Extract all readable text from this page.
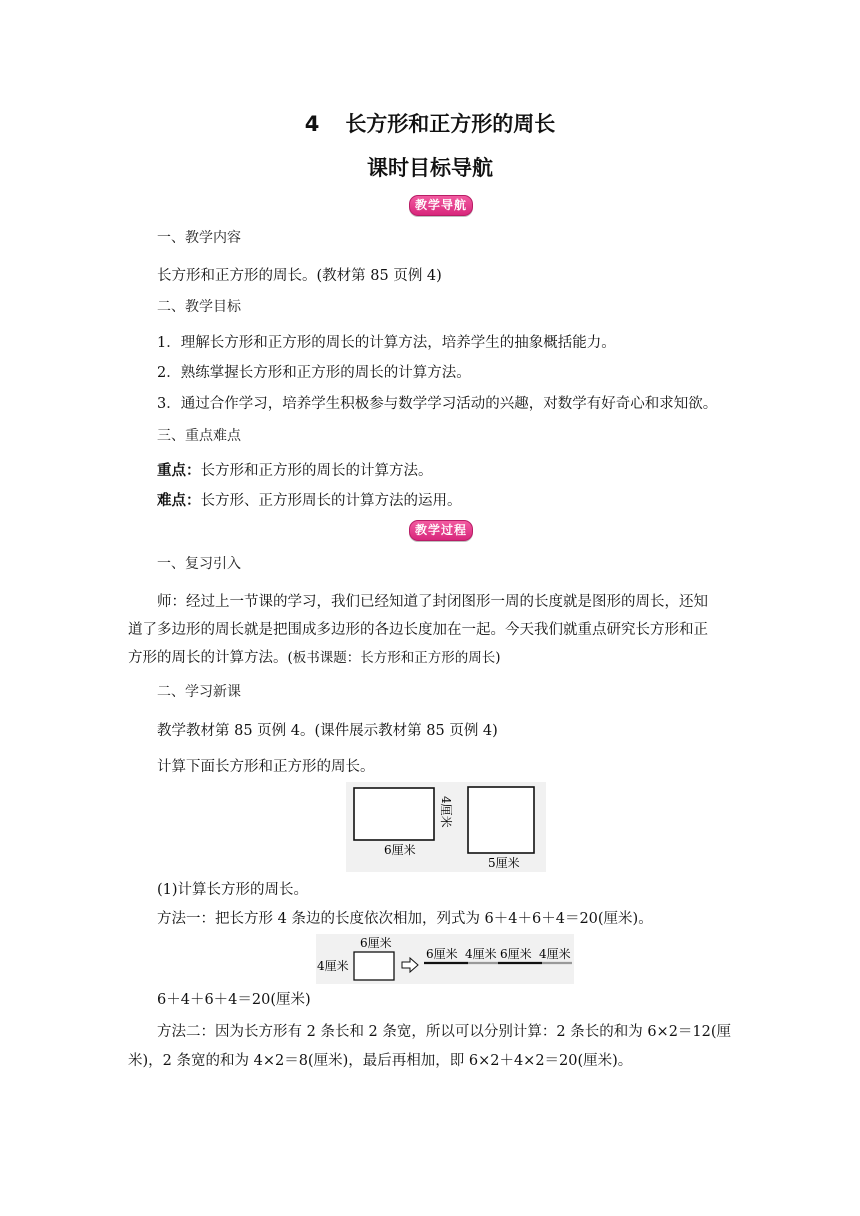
4 长方形和正方形的周长
课时目标导航
教学导航
一、教学内容
长方形和正方形的周长。(教材第 85 页例 4)
二、教学目标
1．理解长方形和正方形的周长的计算方法，培养学生的抽象概括能力。
2．熟练掌握长方形和正方形的周长的计算方法。
3．通过合作学习，培养学生积极参与数学学习活动的兴趣，对数学有好奇心和求知欲。
三、重点难点
重点：长方形和正方形的周长的计算方法。
难点：长方形、正方形周长的计算方法的运用。
教学过程
一、复习引入
师：经过上一节课的学习，我们已经知道了封闭图形一周的长度就是图形的周长，还知
道了多边形的周长就是把围成多边形的各边长度加在一起。今天我们就重点研究长方形和正
方形的周长的计算方法。(板书课题：长方形和正方形的周长)
二、学习新课
教学教材第 85 页例 4。(课件展示教材第 85 页例 4)
计算下面长方形和正方形的周长。
6厘米
4厘米
5厘米
(1)计算长方形的周长。
方法一：把长方形 4 条边的长度依次相加，列式为 6＋4＋6＋4＝20(厘米)。
6厘米
4厘米
6厘米 4厘米 6厘米 4厘米
6＋4＋6＋4＝20(厘米)
方法二：因为长方形有 2 条长和 2 条宽，所以可以分别计算：2 条长的和为 6×2＝12(厘
米)，2 条宽的和为 4×2＝8(厘米)，最后再相加，即 6×2＋4×2＝20(厘米)。
